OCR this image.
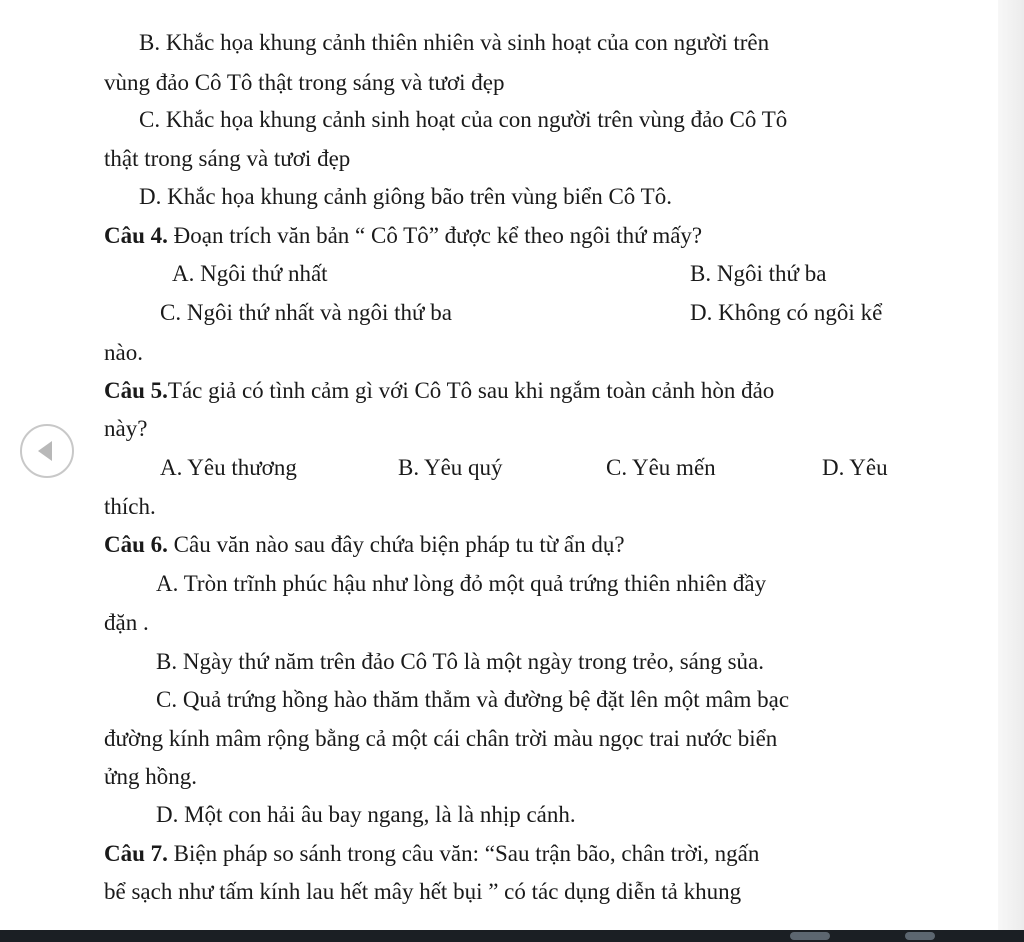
B. Khắc họa khung cảnh thiên nhiên và sinh hoạt của con người trên
vùng đảo Cô Tô thật trong sáng và tươi đẹp
C. Khắc họa khung cảnh sinh hoạt của con người trên vùng đảo Cô Tô
thật trong sáng và tươi đẹp
D. Khắc họa khung cảnh giông bão trên vùng biển Cô Tô.
Câu 4. Đoạn trích văn bản “ Cô Tô” được kể theo ngôi thứ mấy?
A. Ngôi thứ nhất	B. Ngôi thứ ba
C. Ngôi thứ nhất và ngôi thứ ba	D. Không có ngôi kể
nào.
Câu 5.Tác giả có tình cảm gì với Cô Tô sau khi ngắm toàn cảnh hòn đảo
này?
A. Yêu thương	B. Yêu quý	C. Yêu mến	D. Yêu
thích.
Câu 6. Câu văn nào sau đây chứa biện pháp tu từ ẩn dụ?
A. Tròn trĩnh phúc hậu như lòng đỏ một quả trứng thiên nhiên đầy
đặn .
B. Ngày thứ năm trên đảo Cô Tô là một ngày trong trẻo, sáng sủa.
C. Quả trứng hồng hào thăm thẳm và đường bệ đặt lên một mâm bạc
đường kính mâm rộng bằng cả một cái chân trời màu ngọc trai nước biển
ửng hồng.
D. Một con hải âu bay ngang, là là nhịp cánh.
Câu 7. Biện pháp so sánh trong câu văn: “Sau trận bão, chân trời, ngấn
bể sạch như tấm kính lau hết mây hết bụi ” có tác dụng diễn tả khung
